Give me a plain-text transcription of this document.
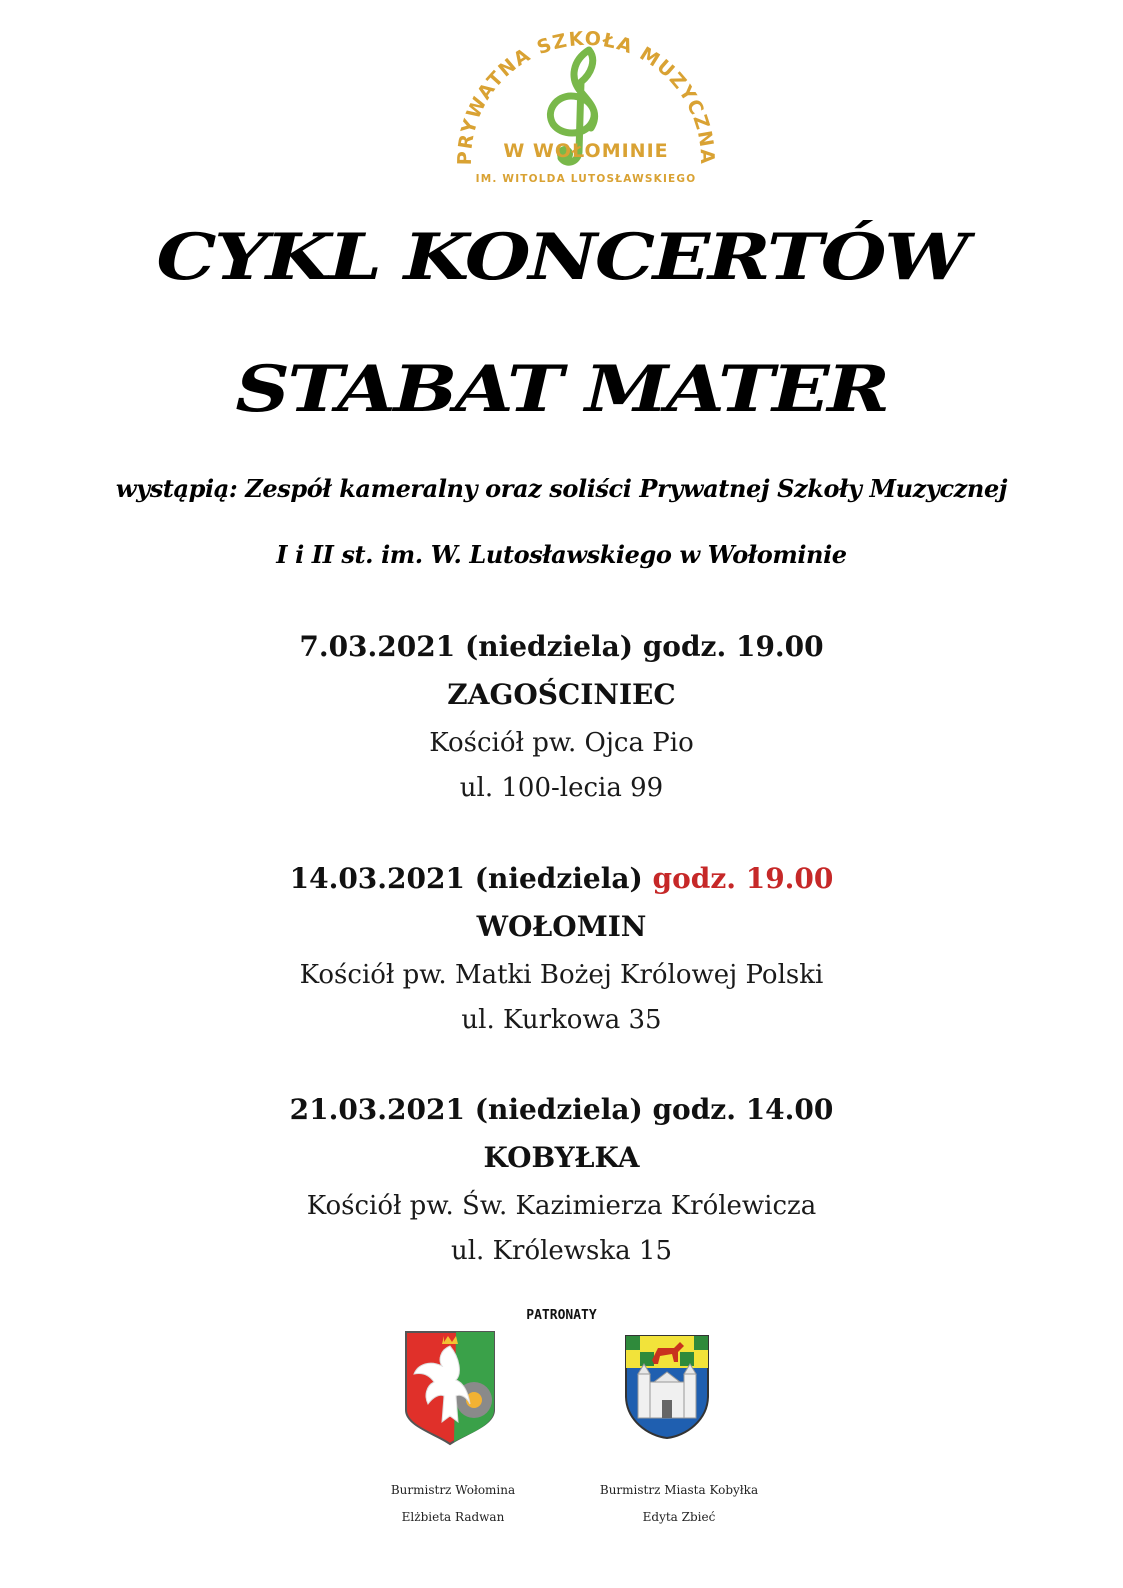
PRYWATNA SZKOŁA MUZYCZNA
W WOŁOMINIE
IM. WITOLDA LUTOSŁAWSKIEGO
CYKL KONCERTÓW
STABAT MATER
wystąpią: Zespół kameralny oraz soliści Prywatnej Szkoły Muzycznej
I i II st. im. W. Lutosławskiego w Wołominie
7.03.2021 (niedziela) godz. 19.00
ZAGOŚCINIEC
Kościół pw. Ojca Pio
ul. 100-lecia 99
14.03.2021 (niedziela) godz. 19.00
WOŁOMIN
Kościół pw. Matki Bożej Królowej Polski
ul. Kurkowa 35
21.03.2021 (niedziela) godz. 14.00
KOBYŁKA
Kościół pw. Św. Kazimierza Królewicza
ul. Królewska 15
PATRONATY
Burmistrz Wołomina
Elżbieta Radwan
Burmistrz Miasta Kobyłka
Edyta Zbieć
